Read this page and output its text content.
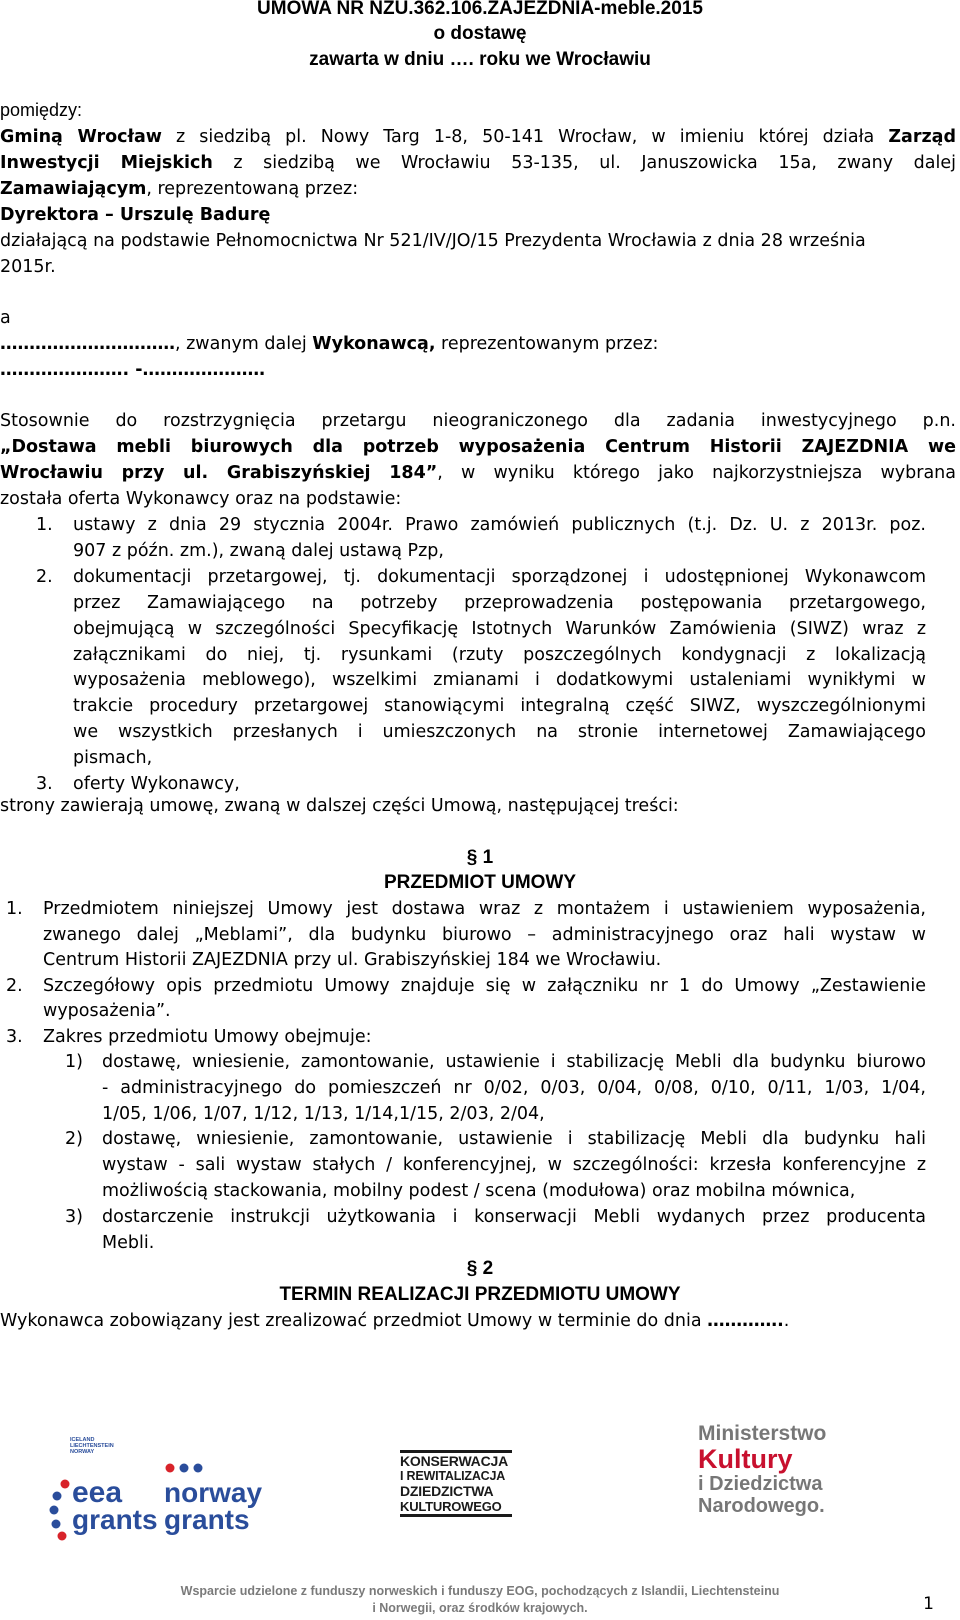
UMOWA NR NZU.362.106.ZAJEZDNIA-meble.2015
o dostawę
zawarta w dniu …. roku we Wrocławiu
pomiędzy:
Gminą Wrocław z siedzibą pl. Nowy Targ 1-8, 50-141 Wrocław, w imieniu której działa Zarząd
Inwestycji Miejskich z siedzibą we Wrocławiu 53-135, ul. Januszowicka 15a, zwany dalej
Zamawiającym, reprezentowaną przez:
Dyrektora – Urszulę Badurę
działającą na podstawie Pełnomocnictwa Nr 521/IV/JO/15 Prezydenta Wrocławia z dnia 28 września
2015r.
a
…………………………, zwanym dalej Wykonawcą, reprezentowanym przez:
…………………. -…………………
Stosownie do rozstrzygnięcia przetargu nieograniczonego dla zadania inwestycyjnego p.n.
„Dostawa mebli biurowych dla potrzeb wyposażenia Centrum Historii ZAJEZDNIA we
Wrocławiu przy ul. Grabiszyńskiej 184”, w wyniku którego jako najkorzystniejsza wybrana
została oferta Wykonawcy oraz na podstawie:
1. ustawy z dnia 29 stycznia 2004r. Prawo zamówień publicznych (t.j. Dz. U. z 2013r. poz.
907 z późn. zm.), zwaną dalej ustawą Pzp,
2. dokumentacji przetargowej, tj. dokumentacji sporządzonej i udostępnionej Wykonawcom
przez Zamawiającego na potrzeby przeprowadzenia postępowania przetargowego,
obejmującą w szczególności Specyfikację Istotnych Warunków Zamówienia (SIWZ) wraz z
załącznikami do niej, tj. rysunkami (rzuty poszczególnych kondygnacji z lokalizacją
wyposażenia meblowego), wszelkimi zmianami i dodatkowymi ustaleniami wynikłymi w
trakcie procedury przetargowej stanowiącymi integralną część SIWZ, wyszczególnionymi
we wszystkich przesłanych i umieszczonych na stronie internetowej Zamawiającego
pismach,
3. oferty Wykonawcy,
strony zawierają umowę, zwaną w dalszej części Umową, następującej treści:
§ 1
PRZEDMIOT UMOWY
1. Przedmiotem niniejszej Umowy jest dostawa wraz z montażem i ustawieniem wyposażenia,
zwanego dalej „Meblami”, dla budynku biurowo – administracyjnego oraz hali wystaw w
Centrum Historii ZAJEZDNIA przy ul. Grabiszyńskiej 184 we Wrocławiu.
2. Szczegółowy opis przedmiotu Umowy znajduje się w załączniku nr 1 do Umowy „Zestawienie
wyposażenia”.
3. Zakres przedmiotu Umowy obejmuje:
1) dostawę, wniesienie, zamontowanie, ustawienie i stabilizację Mebli dla budynku biurowo
- administracyjnego do pomieszczeń nr 0/02, 0/03, 0/04, 0/08, 0/10, 0/11, 1/03, 1/04,
1/05, 1/06, 1/07, 1/12, 1/13, 1/14,1/15, 2/03, 2/04,
2) dostawę, wniesienie, zamontowanie, ustawienie i stabilizację Mebli dla budynku hali
wystaw - sali wystaw stałych / konferencyjnej, w szczególności: krzesła konferencyjne z
możliwością stackowania, mobilny podest / scena (modułowa) oraz mobilna mównica,
3) dostarczenie instrukcji użytkowania i konserwacji Mebli wydanych przez producenta
Mebli.
§ 2
TERMIN REALIZACJI PRZEDMIOTU UMOWY
Wykonawca zobowiązany jest zrealizować przedmiot Umowy w terminie do dnia …………..
ICELAND LIECHTENSTEIN NORWAY
eea
grants
norway
grants
KONSERWACJA
I REWITALIZACJA
DZIEDZICTWA
KULTUROWEGO
Ministerstwo
Kultury
i Dziedzictwa
Narodowego.
Wsparcie udzielone z funduszy norweskich i funduszy EOG, pochodzących z Islandii, Liechtensteinu
i Norwegii, oraz środków krajowych.	1
